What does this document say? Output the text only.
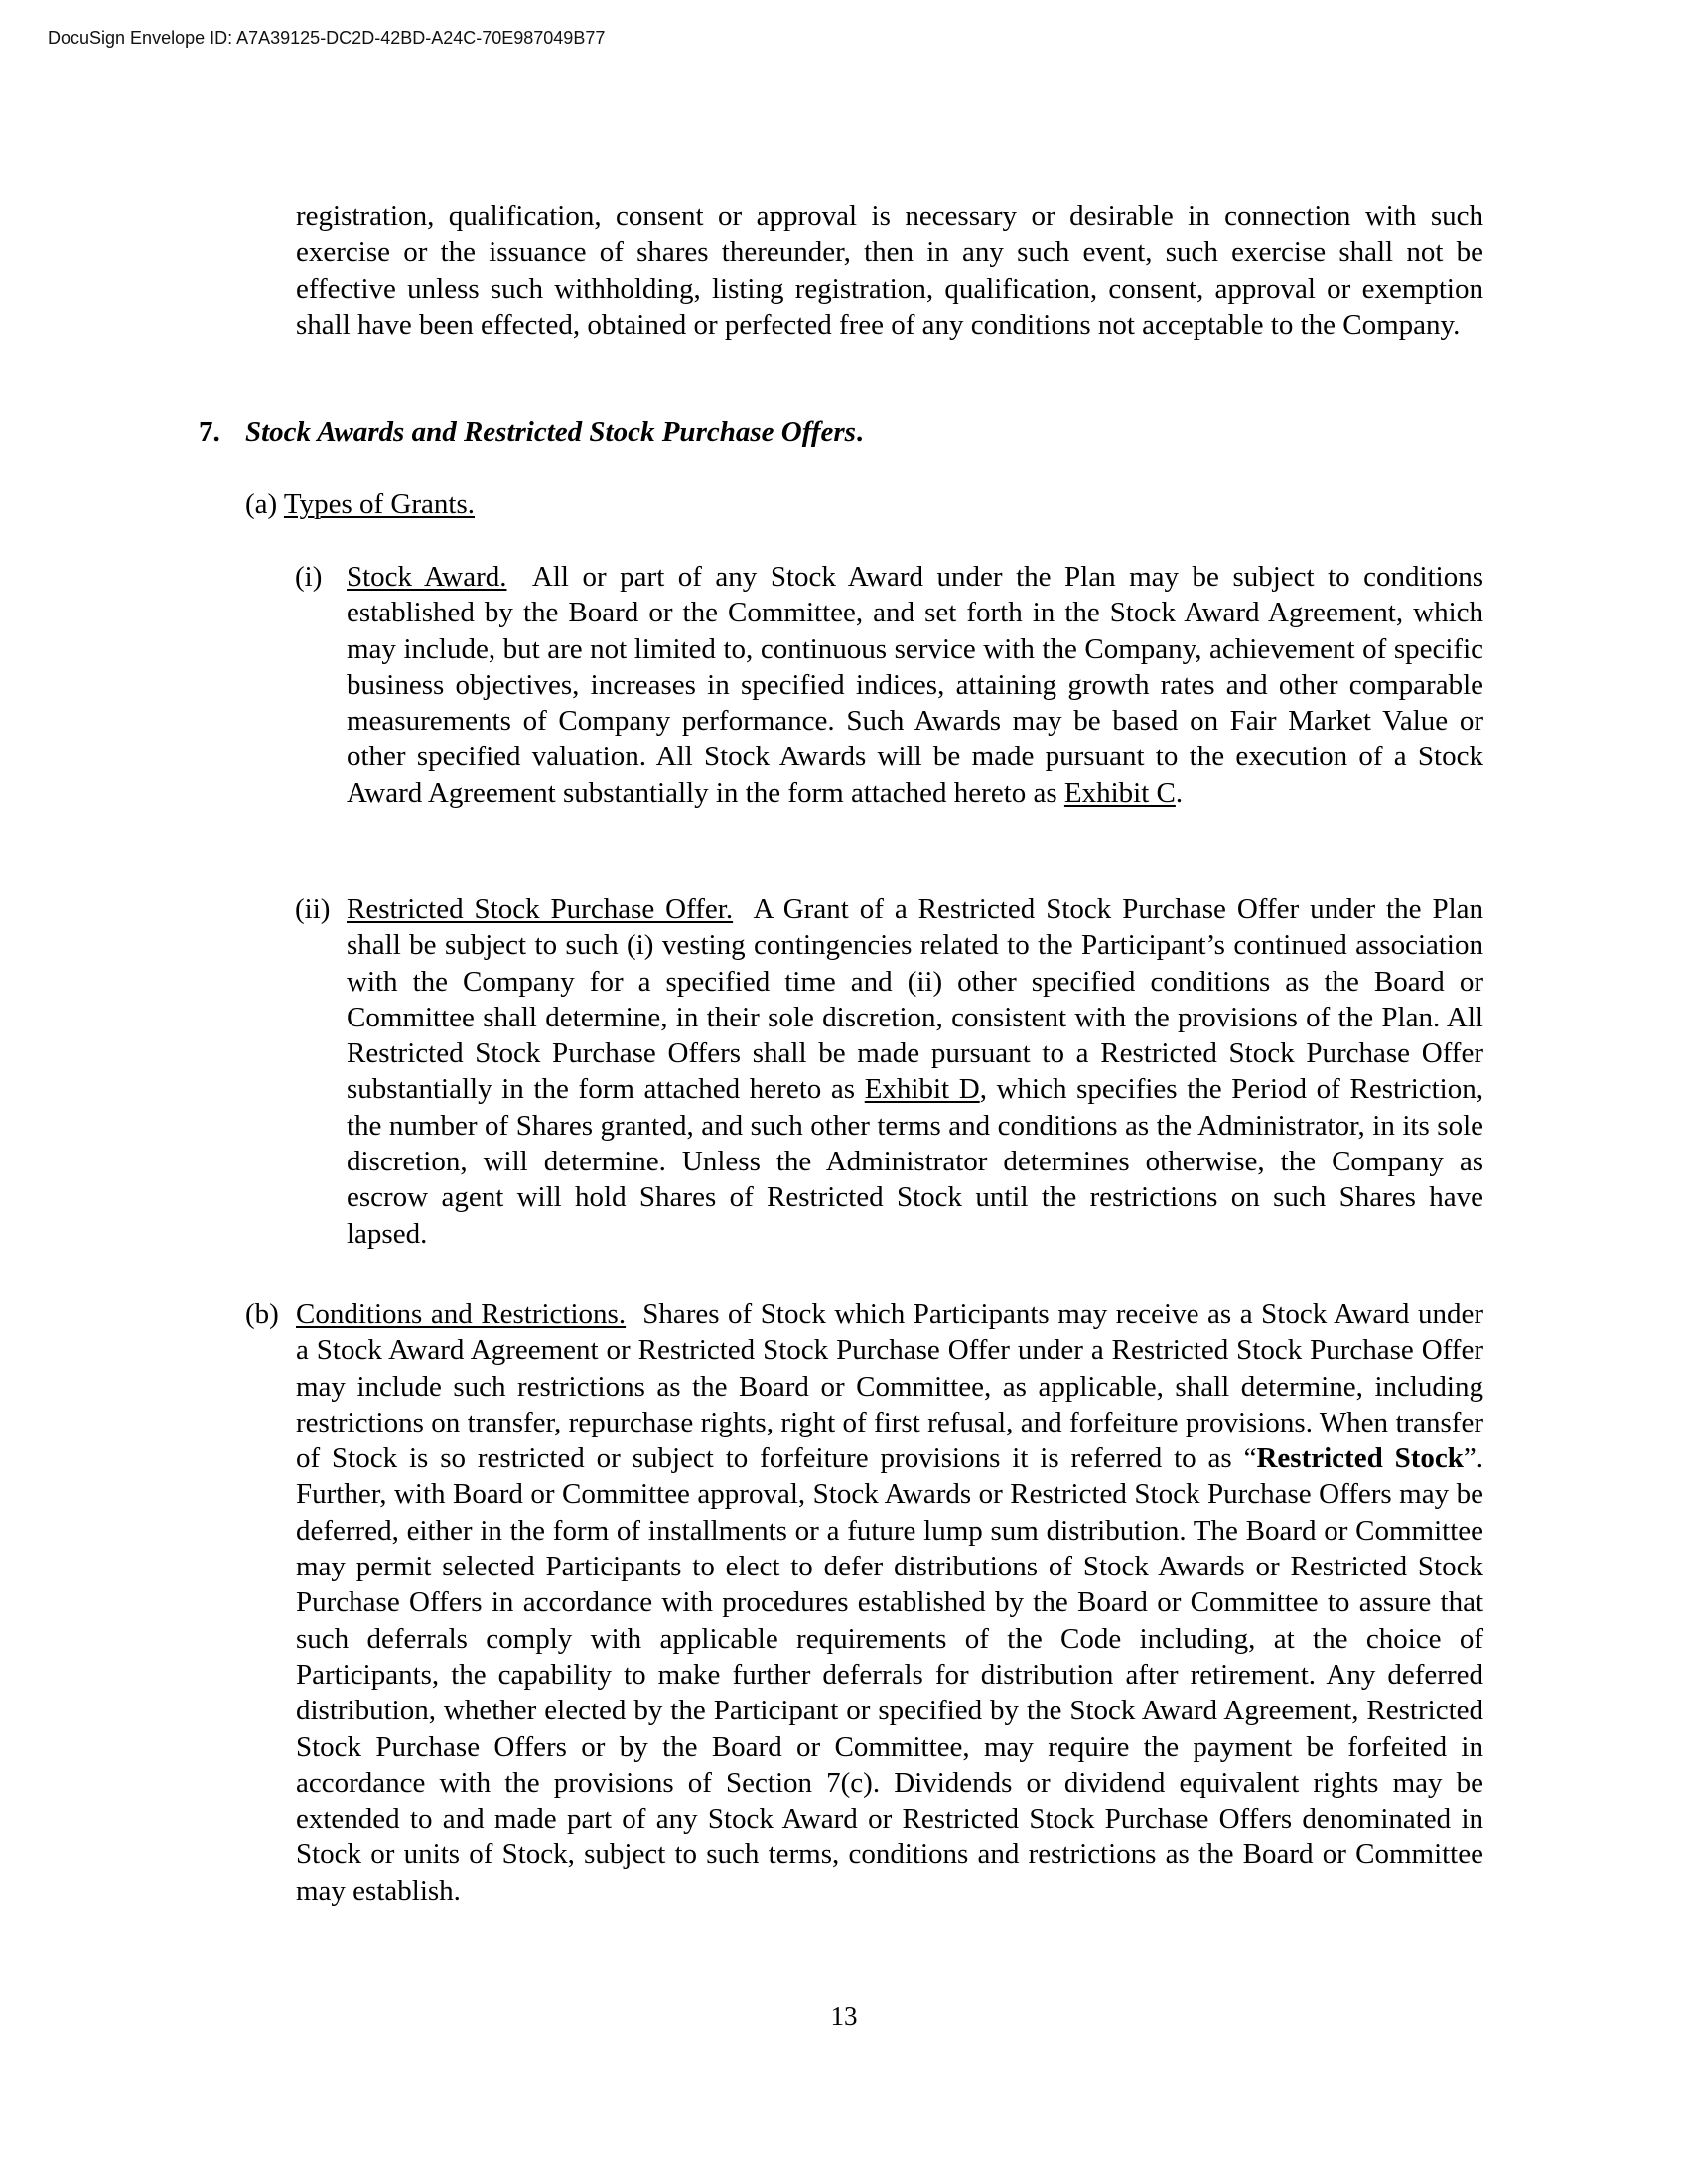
DocuSign Envelope ID: A7A39125-DC2D-42BD-A24C-70E987049B77
registration, qualification, consent or approval is necessary or desirable in connection with such exercise or the issuance of shares thereunder, then in any such event, such exercise shall not be effective unless such withholding, listing registration, qualification, consent, approval or exemption shall have been effected, obtained or perfected free of any conditions not acceptable to the Company.
7. Stock Awards and Restricted Stock Purchase Offers.
(a) Types of Grants.
(i) Stock Award. All or part of any Stock Award under the Plan may be subject to conditions established by the Board or the Committee, and set forth in the Stock Award Agreement, which may include, but are not limited to, continuous service with the Company, achievement of specific business objectives, increases in specified indices, attaining growth rates and other comparable measurements of Company performance. Such Awards may be based on Fair Market Value or other specified valuation. All Stock Awards will be made pursuant to the execution of a Stock Award Agreement substantially in the form attached hereto as Exhibit C.
(ii) Restricted Stock Purchase Offer. A Grant of a Restricted Stock Purchase Offer under the Plan shall be subject to such (i) vesting contingencies related to the Participant’s continued association with the Company for a specified time and (ii) other specified conditions as the Board or Committee shall determine, in their sole discretion, consistent with the provisions of the Plan. All Restricted Stock Purchase Offers shall be made pursuant to a Restricted Stock Purchase Offer substantially in the form attached hereto as Exhibit D, which specifies the Period of Restriction, the number of Shares granted, and such other terms and conditions as the Administrator, in its sole discretion, will determine. Unless the Administrator determines otherwise, the Company as escrow agent will hold Shares of Restricted Stock until the restrictions on such Shares have lapsed.
(b) Conditions and Restrictions. Shares of Stock which Participants may receive as a Stock Award under a Stock Award Agreement or Restricted Stock Purchase Offer under a Restricted Stock Purchase Offer may include such restrictions as the Board or Committee, as applicable, shall determine, including restrictions on transfer, repurchase rights, right of first refusal, and forfeiture provisions. When transfer of Stock is so restricted or subject to forfeiture provisions it is referred to as “Restricted Stock”. Further, with Board or Committee approval, Stock Awards or Restricted Stock Purchase Offers may be deferred, either in the form of installments or a future lump sum distribution. The Board or Committee may permit selected Participants to elect to defer distributions of Stock Awards or Restricted Stock Purchase Offers in accordance with procedures established by the Board or Committee to assure that such deferrals comply with applicable requirements of the Code including, at the choice of Participants, the capability to make further deferrals for distribution after retirement. Any deferred distribution, whether elected by the Participant or specified by the Stock Award Agreement, Restricted Stock Purchase Offers or by the Board or Committee, may require the payment be forfeited in accordance with the provisions of Section 7(c). Dividends or dividend equivalent rights may be extended to and made part of any Stock Award or Restricted Stock Purchase Offers denominated in Stock or units of Stock, subject to such terms, conditions and restrictions as the Board or Committee may establish.
13
